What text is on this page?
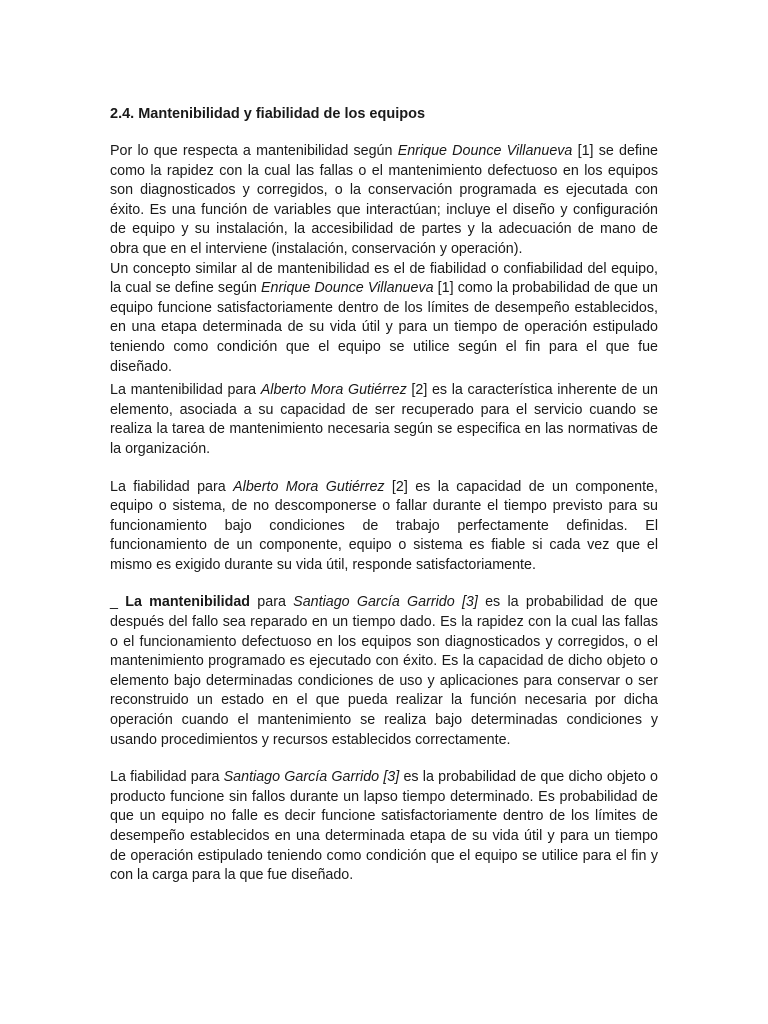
2.4. Mantenibilidad y fiabilidad de los equipos

Por lo que respecta a mantenibilidad según Enrique Dounce Villanueva [1] se define como la rapidez con la cual las fallas o el mantenimiento defectuoso en los equipos son diagnosticados y corregidos, o la conservación programada es ejecutada con éxito. Es una función de variables que interactúan; incluye el diseño y configuración de equipo y su instalación, la accesibilidad de partes y la adecuación de mano de obra que en el interviene (instalación, conservación y operación).

Un concepto similar al de mantenibilidad es el de fiabilidad o confiabilidad del equipo, la cual se define según Enrique Dounce Villanueva [1] como la probabilidad de que un equipo funcione satisfactoriamente dentro de los límites de desempeño establecidos, en una etapa determinada de su vida útil y para un tiempo de operación estipulado teniendo como condición que el equipo se utilice según el fin para el que fue diseñado.

La mantenibilidad para Alberto Mora Gutiérrez [2] es la característica inherente de un elemento, asociada a su capacidad de ser recuperado para el servicio cuando se realiza la tarea de mantenimiento necesaria según se especifica en las normativas de la organización.

La fiabilidad para Alberto Mora Gutiérrez [2] es la capacidad de un componente, equipo o sistema, de no descomponerse o fallar durante el tiempo previsto para su funcionamiento bajo condiciones de trabajo perfectamente definidas. El funcionamiento de un componente, equipo o sistema es fiable si cada vez que el mismo es exigido durante su vida útil, responde satisfactoriamente.

_ La mantenibilidad para Santiago García Garrido [3] es la probabilidad de que después del fallo sea reparado en un tiempo dado. Es la rapidez con la cual las fallas o el funcionamiento defectuoso en los equipos son diagnosticados y corregidos, o el mantenimiento programado es ejecutado con éxito. Es la capacidad de dicho objeto o elemento bajo determinadas condiciones de uso y aplicaciones para conservar o ser reconstruido un estado en el que pueda realizar la función necesaria por dicha operación cuando el mantenimiento se realiza bajo determinadas condiciones y usando procedimientos y recursos establecidos correctamente.

La fiabilidad para Santiago García Garrido [3] es la probabilidad de que dicho objeto o producto funcione sin fallos durante un lapso tiempo determinado. Es probabilidad de que un equipo no falle es decir funcione satisfactoriamente dentro de los límites de desempeño establecidos en una determinada etapa de su vida útil y para un tiempo de operación estipulado teniendo como condición que el equipo se utilice para el fin y con la carga para la que fue diseñado.
